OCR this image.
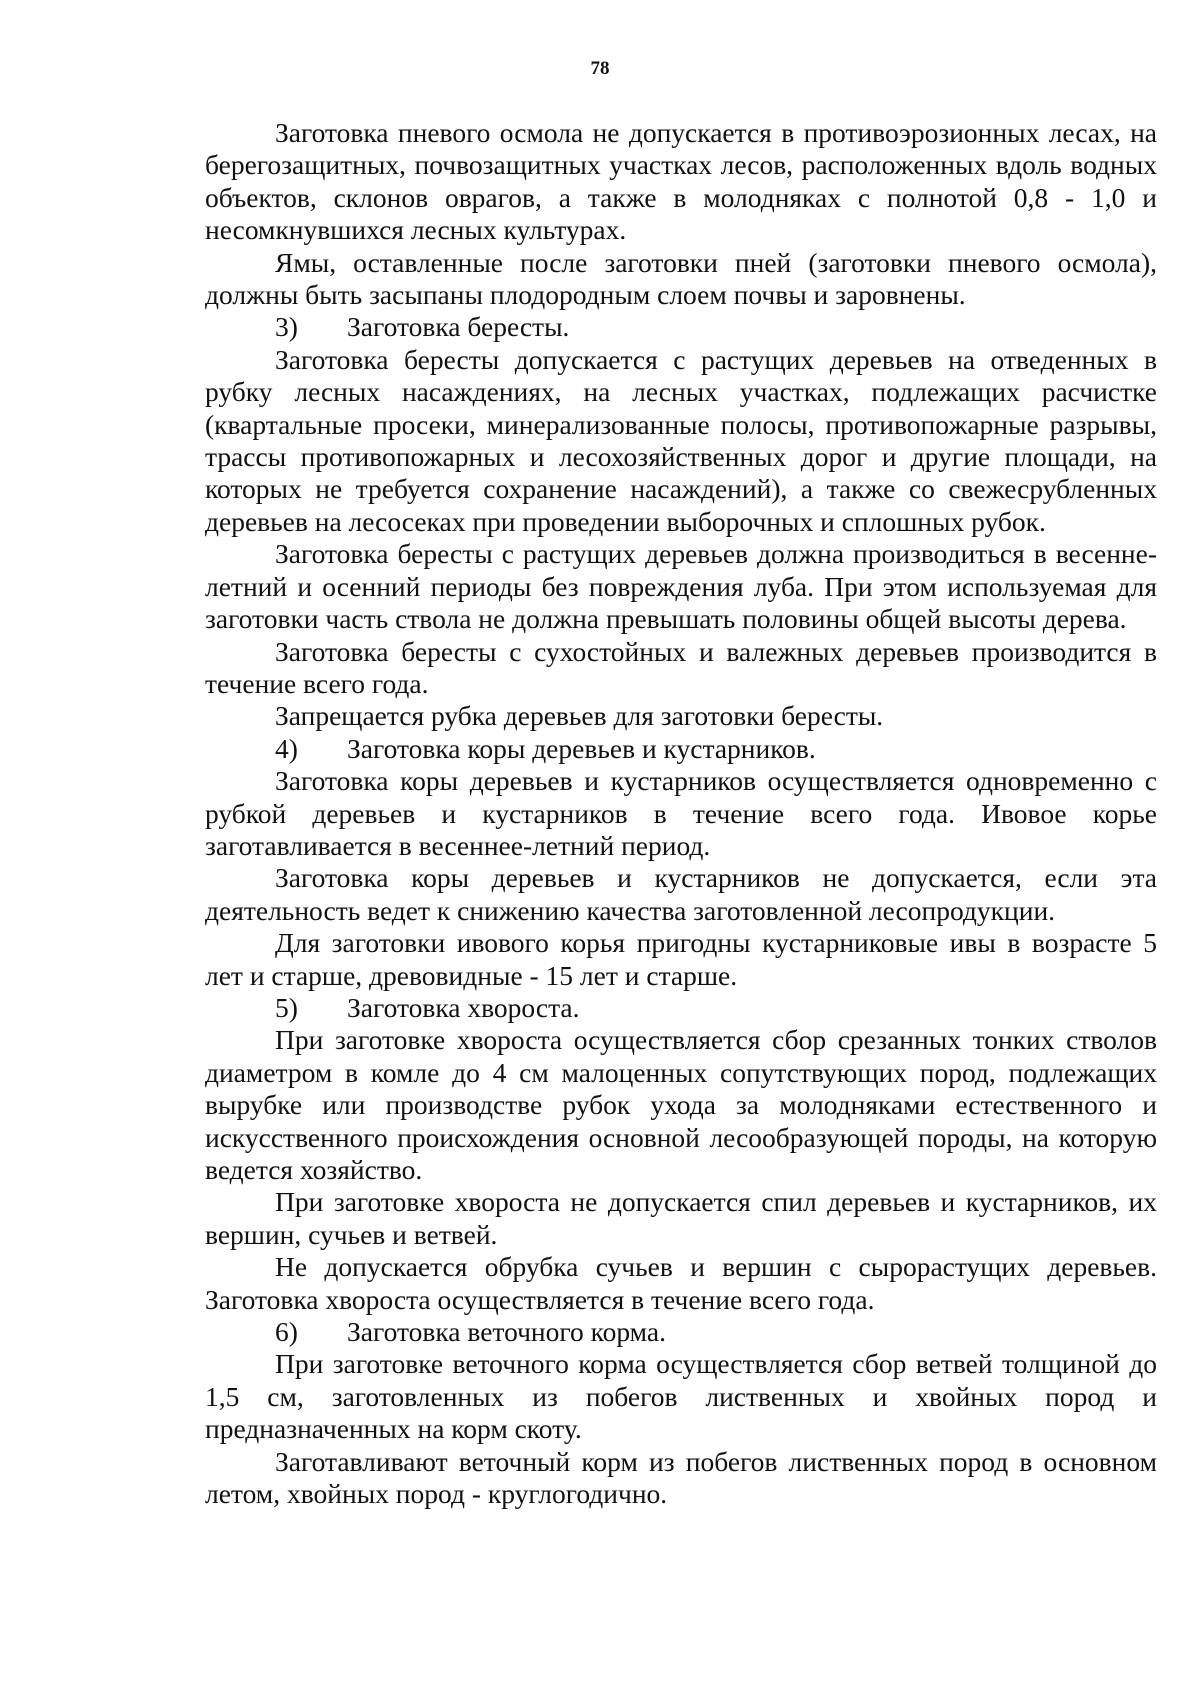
78

Заготовка пневого осмола не допускается в противоэрозионных лесах, на берегозащитных, почвозащитных участках лесов, расположенных вдоль водных объектов, склонов оврагов, а также в молодняках с полнотой 0,8 - 1,0 и несомкнувшихся лесных культурах.

Ямы, оставленные после заготовки пней (заготовки пневого осмола), должны быть засыпаны плодородным слоем почвы и заровнены.

3)	Заготовка бересты.

Заготовка бересты допускается с растущих деревьев на отведенных в рубку лесных насаждениях, на лесных участках, подлежащих расчистке (квартальные просеки, минерализованные полосы, противопожарные разрывы, трассы противопожарных и лесохозяйственных дорог и другие площади, на которых не требуется сохранение насаждений), а также со свежесрубленных деревьев на лесосеках при проведении выборочных и сплошных рубок.

Заготовка бересты с растущих деревьев должна производиться в весенне-летний и осенний периоды без повреждения луба. При этом используемая для заготовки часть ствола не должна превышать половины общей высоты дерева.

Заготовка бересты с сухостойных и валежных деревьев производится в течение всего года.

Запрещается рубка деревьев для заготовки бересты.

4)	Заготовка коры деревьев и кустарников.

Заготовка коры деревьев и кустарников осуществляется одновременно с рубкой деревьев и кустарников в течение всего года. Ивовое корье заготавливается в весеннее-летний период.

Заготовка коры деревьев и кустарников не допускается, если эта деятельность ведет к снижению качества заготовленной лесопродукции.

Для заготовки ивового корья пригодны кустарниковые ивы в возрасте 5 лет и старше, древовидные - 15 лет и старше.

5)	Заготовка хвороста.

При заготовке хвороста осуществляется сбор срезанных тонких стволов диаметром в комле до 4 см малоценных сопутствующих пород, подлежащих вырубке или производстве рубок ухода за молодняками естественного и искусственного происхождения основной лесообразующей породы, на которую ведется хозяйство.

При заготовке хвороста не допускается спил деревьев и кустарников, их вершин, сучьев и ветвей.

Не допускается обрубка сучьев и вершин с сырорастущих деревьев. Заготовка хвороста осуществляется в течение всего года.

6)	Заготовка веточного корма.

При заготовке веточного корма осуществляется сбор ветвей толщиной до 1,5 см, заготовленных из побегов лиственных и хвойных пород и предназначенных на корм скоту.

Заготавливают веточный корм из побегов лиственных пород в основном летом, хвойных пород - круглогодично.
